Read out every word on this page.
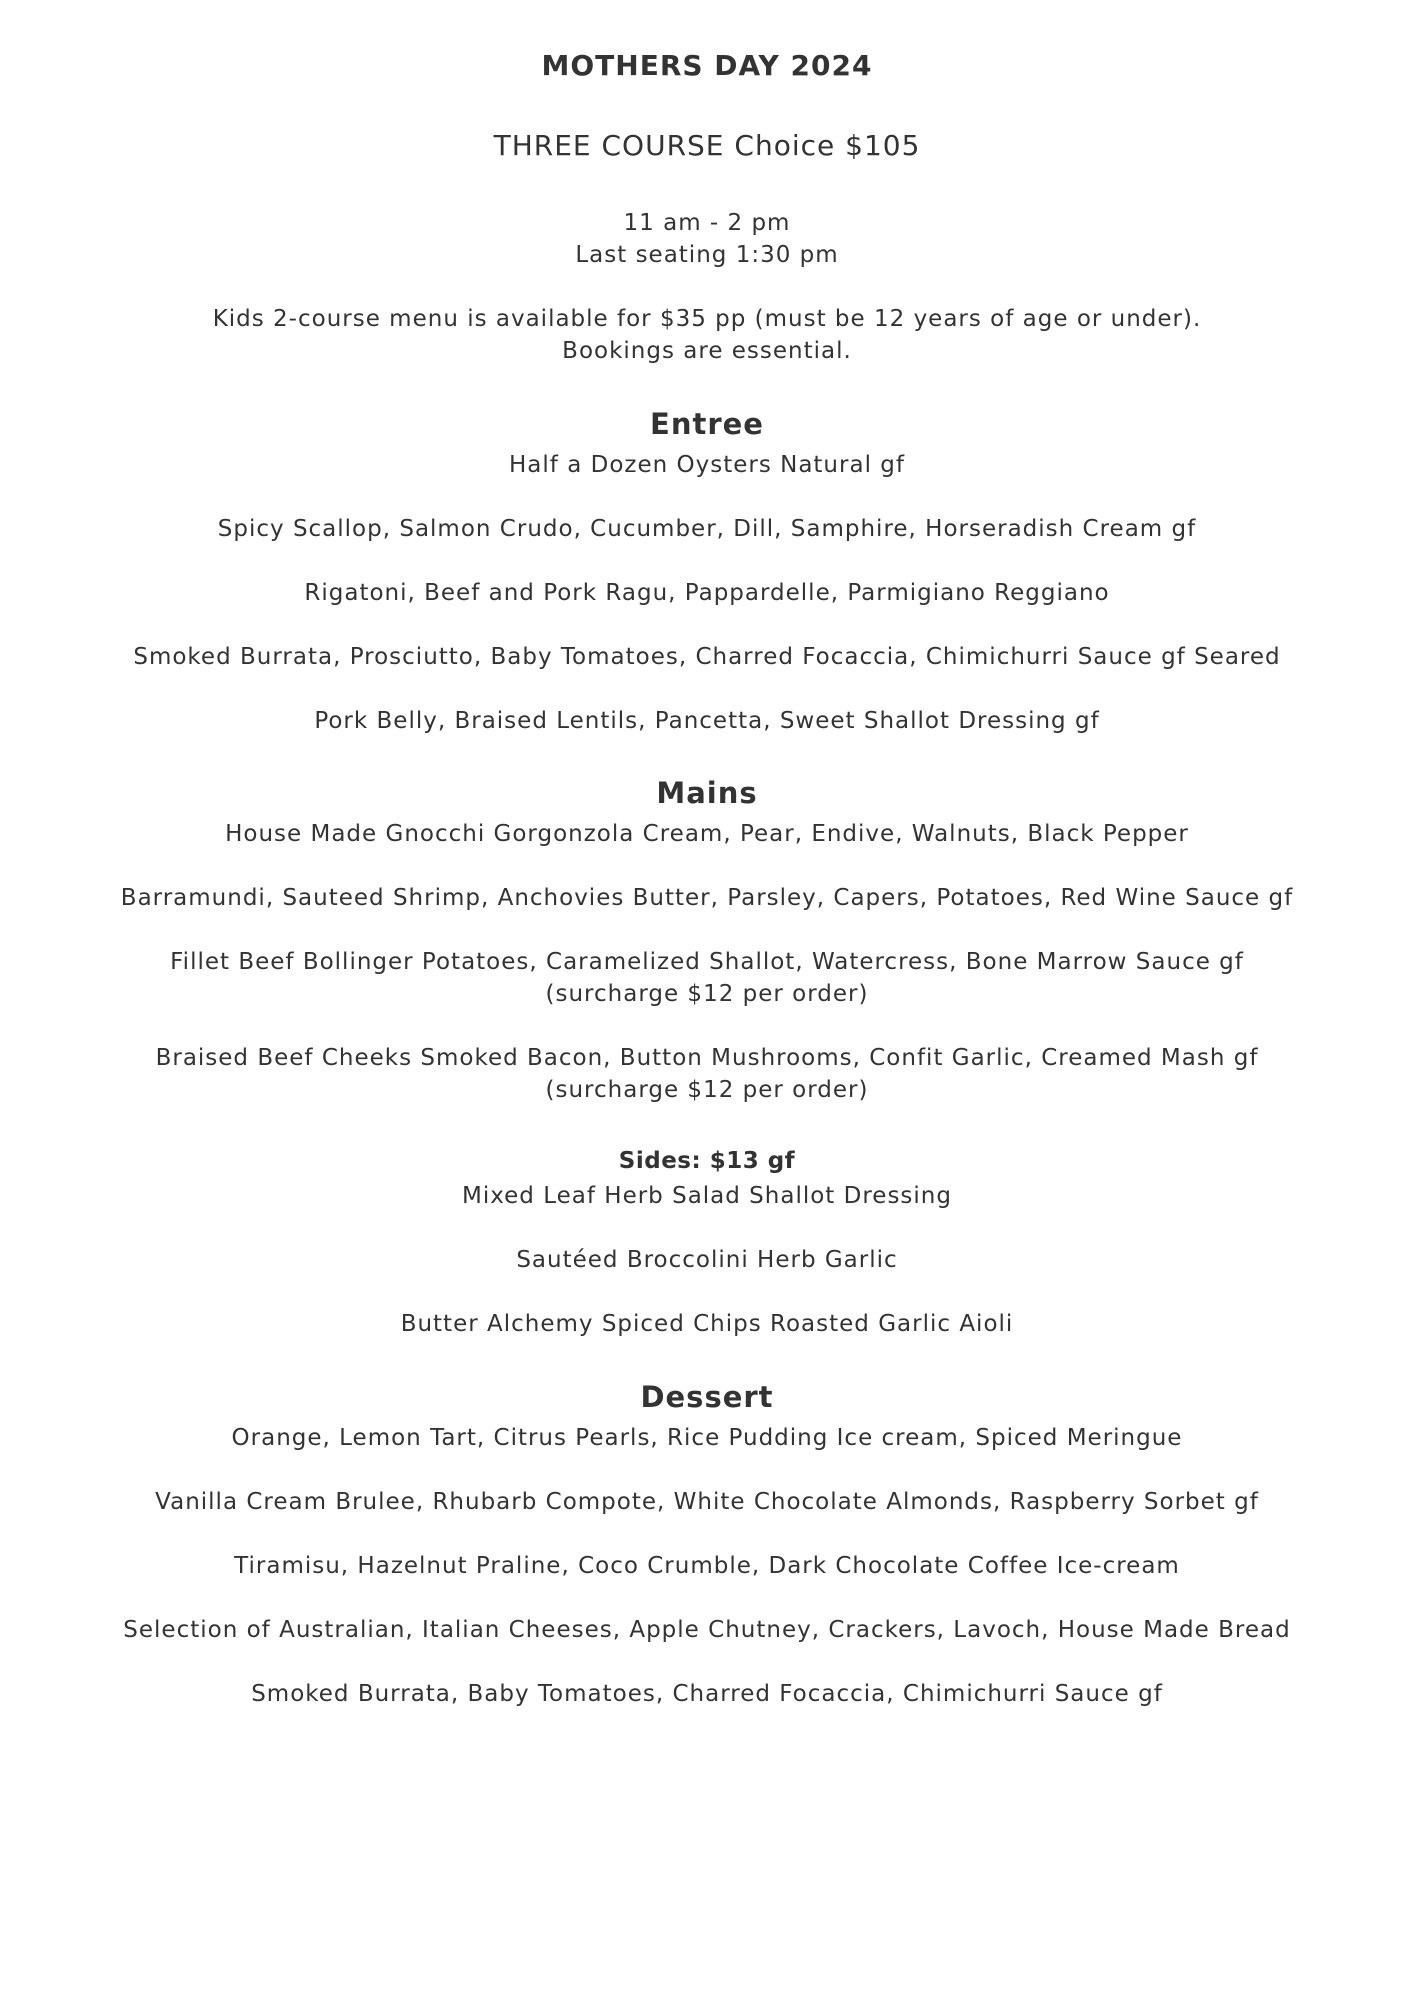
MOTHERS DAY 2024
THREE COURSE Choice $105
11 am - 2 pm
Last seating 1:30 pm
Kids 2-course menu is available for $35 pp (must be 12 years of age or under).
Bookings are essential.
Entree
Half a Dozen Oysters Natural gf
Spicy Scallop, Salmon Crudo, Cucumber, Dill, Samphire, Horseradish Cream gf
Rigatoni, Beef and Pork Ragu, Pappardelle, Parmigiano Reggiano
Smoked Burrata, Prosciutto, Baby Tomatoes, Charred Focaccia, Chimichurri Sauce gf Seared
Pork Belly, Braised Lentils, Pancetta, Sweet Shallot Dressing gf
Mains
House Made Gnocchi Gorgonzola Cream, Pear, Endive, Walnuts, Black Pepper
Barramundi, Sauteed Shrimp, Anchovies Butter, Parsley, Capers, Potatoes, Red Wine Sauce gf
Fillet Beef Bollinger Potatoes, Caramelized Shallot, Watercress, Bone Marrow Sauce gf
(surcharge $12 per order)
Braised Beef Cheeks Smoked Bacon, Button Mushrooms, Confit Garlic, Creamed Mash gf
(surcharge $12 per order)
Sides: $13 gf
Mixed Leaf Herb Salad Shallot Dressing
Sautéed Broccolini Herb Garlic
Butter Alchemy Spiced Chips Roasted Garlic Aioli
Dessert
Orange, Lemon Tart, Citrus Pearls, Rice Pudding Ice cream, Spiced Meringue
Vanilla Cream Brulee, Rhubarb Compote, White Chocolate Almonds, Raspberry Sorbet gf
Tiramisu, Hazelnut Praline, Coco Crumble, Dark Chocolate Coffee Ice-cream
Selection of Australian, Italian Cheeses, Apple Chutney, Crackers, Lavoch, House Made Bread
Smoked Burrata, Baby Tomatoes, Charred Focaccia, Chimichurri Sauce gf
